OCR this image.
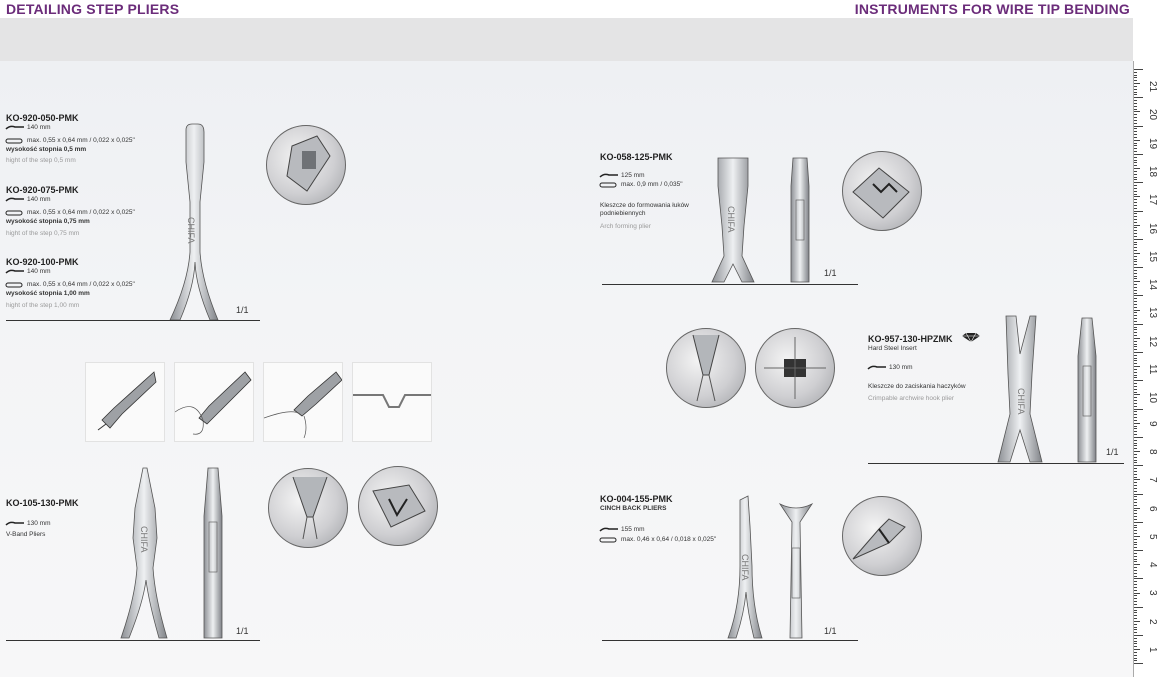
DETAILING STEP PLIERS	INSTRUMENTS FOR WIRE TIP BENDING
21
20
19
18
17
16
15
14
13
12
11
10
9
8
7
6
5
4
3
2
1
KO-920-050-PMK
140 mm
max. 0,55 x 0,64 mm / 0,022 x 0,025"
wysokość stopnia 0,5 mm
hight of the step 0,5 mm
KO-920-075-PMK
140 mm
max. 0,55 x 0,64 mm / 0,022 x 0,025"
wysokość stopnia 0,75 mm
hight of the step 0,75 mm
KO-920-100-PMK
140 mm
max. 0,55 x 0,64 mm / 0,022 x 0,025"
wysokość stopnia 1,00 mm
hight of the step 1,00 mm
CHIFA
1/1
KO-105-130-PMK
130 mm
V-Band Pliers	CHIFA
1/1
KO-058-125-PMK
125 mm
max. 0,9 mm / 0,035"
Kleszcze do formowania łuków podniebiennych
Arch forming plier	CHIFA
1/1
KO-957-130-HPZMK
Hard Steel Insert
130 mm
Kleszcze do zaciskania haczyków
Crimpable archwire hook plier	CHIFA
1/1
KO-004-155-PMK
CINCH BACK PLIERS
155 mm
max. 0,46 x 0,64 / 0,018 x 0,025"
CHIFA
1/1
